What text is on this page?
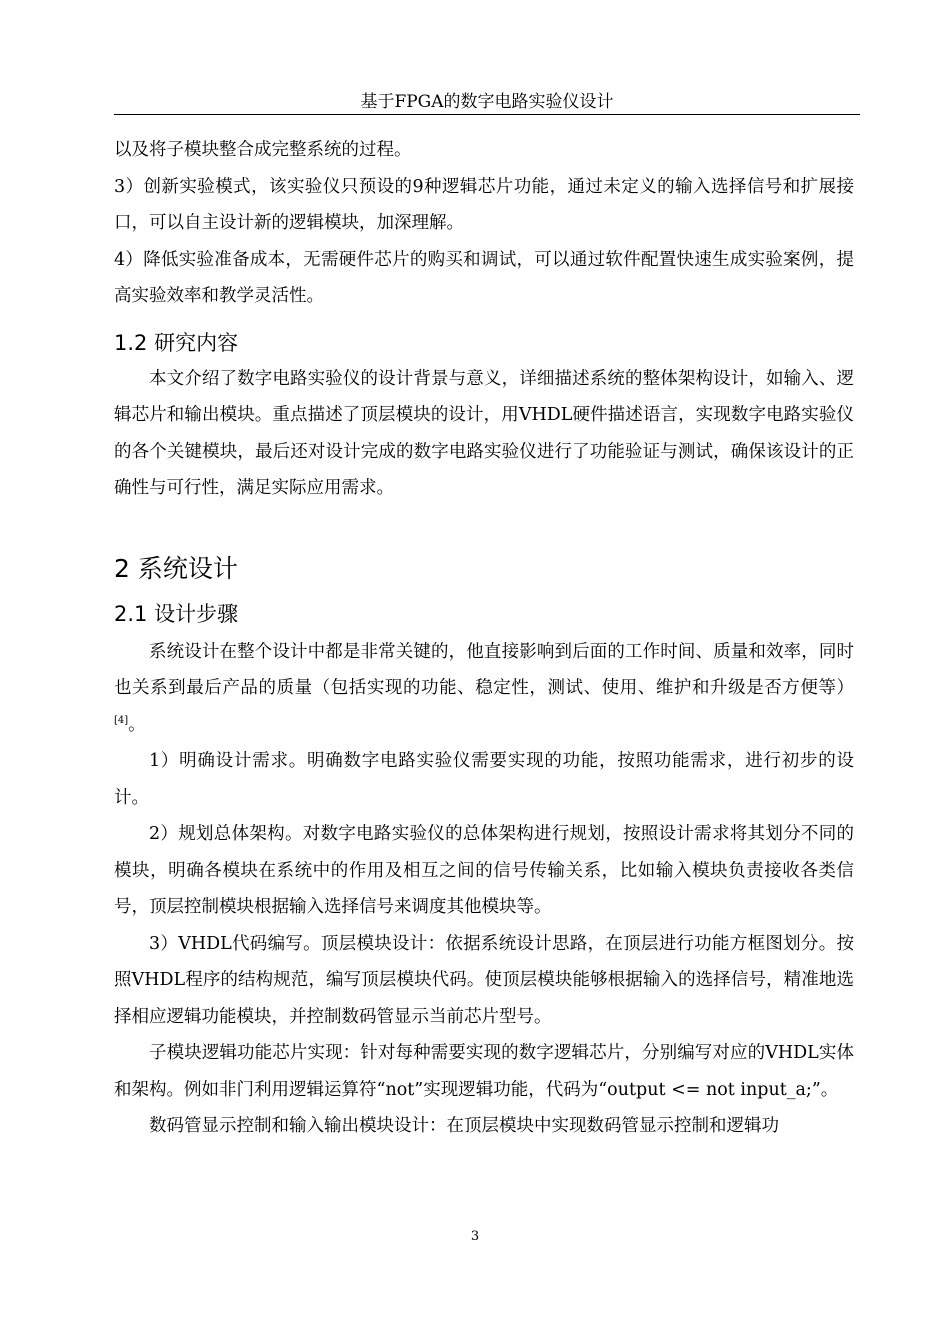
基于FPGA的数字电路实验仪设计

以及将子模块整合成完整系统的过程。

3）创新实验模式，该实验仪只预设的9种逻辑芯片功能，通过未定义的输入选择信号和扩展接口，可以自主设计新的逻辑模块，加深理解。

4）降低实验准备成本，无需硬件芯片的购买和调试，可以通过软件配置快速生成实验案例，提高实验效率和教学灵活性。

1.2 研究内容

本文介绍了数字电路实验仪的设计背景与意义，详细描述系统的整体架构设计，如输入、逻辑芯片和输出模块。重点描述了顶层模块的设计，用VHDL硬件描述语言，实现数字电路实验仪的各个关键模块，最后还对设计完成的数字电路实验仪进行了功能验证与测试，确保该设计的正确性与可行性，满足实际应用需求。

2 系统设计
2.1 设计步骤

系统设计在整个设计中都是非常关键的，他直接影响到后面的工作时间、质量和效率，同时也关系到最后产品的质量（包括实现的功能、稳定性，测试、使用、维护和升级是否方便等）[4]。

1）明确设计需求。明确数字电路实验仪需要实现的功能，按照功能需求，进行初步的设计。

2）规划总体架构。对数字电路实验仪的总体架构进行规划，按照设计需求将其划分不同的模块，明确各模块在系统中的作用及相互之间的信号传输关系，比如输入模块负责接收各类信号，顶层控制模块根据输入选择信号来调度其他模块等。

3）VHDL代码编写。顶层模块设计：依据系统设计思路，在顶层进行功能方框图划分。按照VHDL程序的结构规范，编写顶层模块代码。使顶层模块能够根据输入的选择信号，精准地选择相应逻辑功能模块，并控制数码管显示当前芯片型号。

子模块逻辑功能芯片实现：针对每种需要实现的数字逻辑芯片，分别编写对应的VHDL实体和架构。例如非门利用逻辑运算符“not”实现逻辑功能，代码为“output <= not input_a;”。

数码管显示控制和输入输出模块设计：在顶层模块中实现数码管显示控制和逻辑功

3
